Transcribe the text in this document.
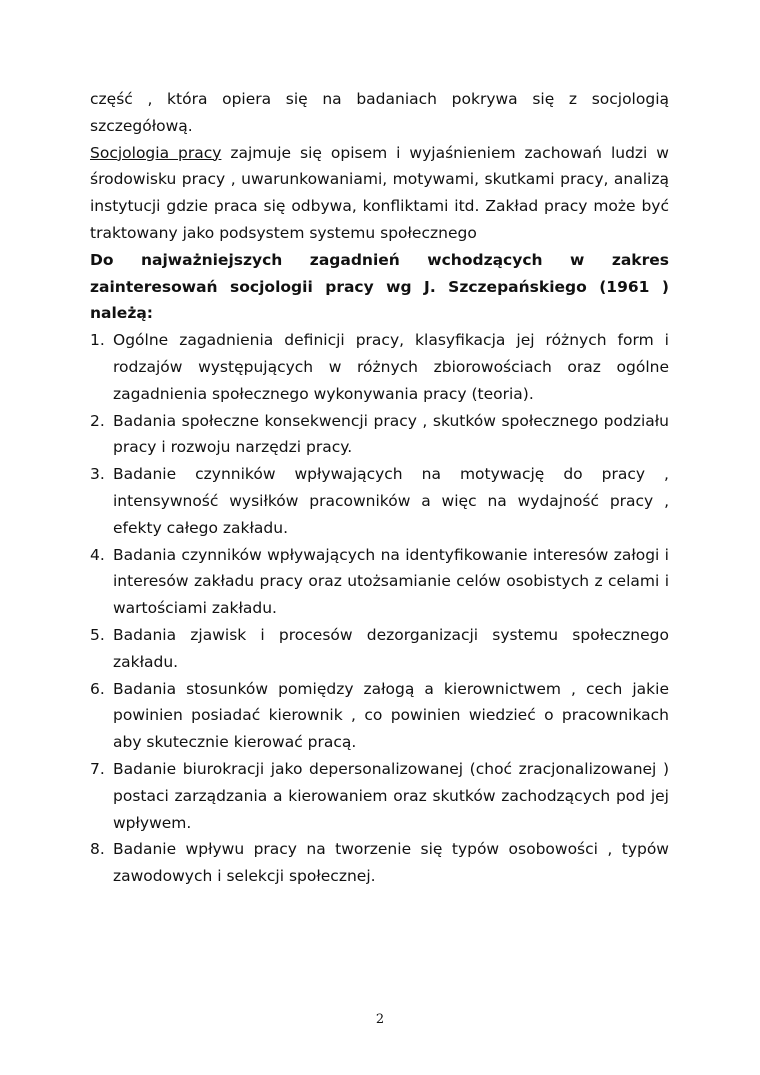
część , która opiera się na badaniach pokrywa się z socjologią szczegółową.

Socjologia pracy zajmuje się opisem i wyjaśnieniem zachowań ludzi w środowisku pracy , uwarunkowaniami, motywami, skutkami pracy, analizą instytucji gdzie praca się odbywa, konfliktami itd. Zakład pracy może być traktowany jako podsystem systemu społecznego

Do najważniejszych zagadnień wchodzących w zakres zainteresowań socjologii pracy wg J. Szczepańskiego (1961 ) należą:

1. Ogólne zagadnienia definicji pracy, klasyfikacja jej różnych form i rodzajów występujących w różnych zbiorowościach oraz ogólne zagadnienia społecznego wykonywania pracy (teoria).
2. Badania społeczne konsekwencji pracy , skutków społecznego podziału pracy i rozwoju narzędzi pracy.
3. Badanie czynników wpływających na motywację do pracy , intensywność wysiłków pracowników a więc na wydajność pracy , efekty całego zakładu.
4. Badania czynników wpływających na identyfikowanie interesów załogi i interesów zakładu pracy oraz utożsamianie celów osobistych z celami i wartościami zakładu.
5. Badania zjawisk i procesów dezorganizacji systemu społecznego zakładu.
6. Badania stosunków pomiędzy załogą a kierownictwem , cech jakie powinien posiadać kierownik , co powinien wiedzieć o pracownikach aby skutecznie kierować pracą.
7. Badanie biurokracji jako depersonalizowanej (choć zracjonalizowanej ) postaci zarządzania a kierowaniem oraz skutków zachodzących pod jej wpływem.
8. Badanie wpływu pracy na tworzenie się typów osobowości , typów zawodowych i selekcji społecznej.
2
